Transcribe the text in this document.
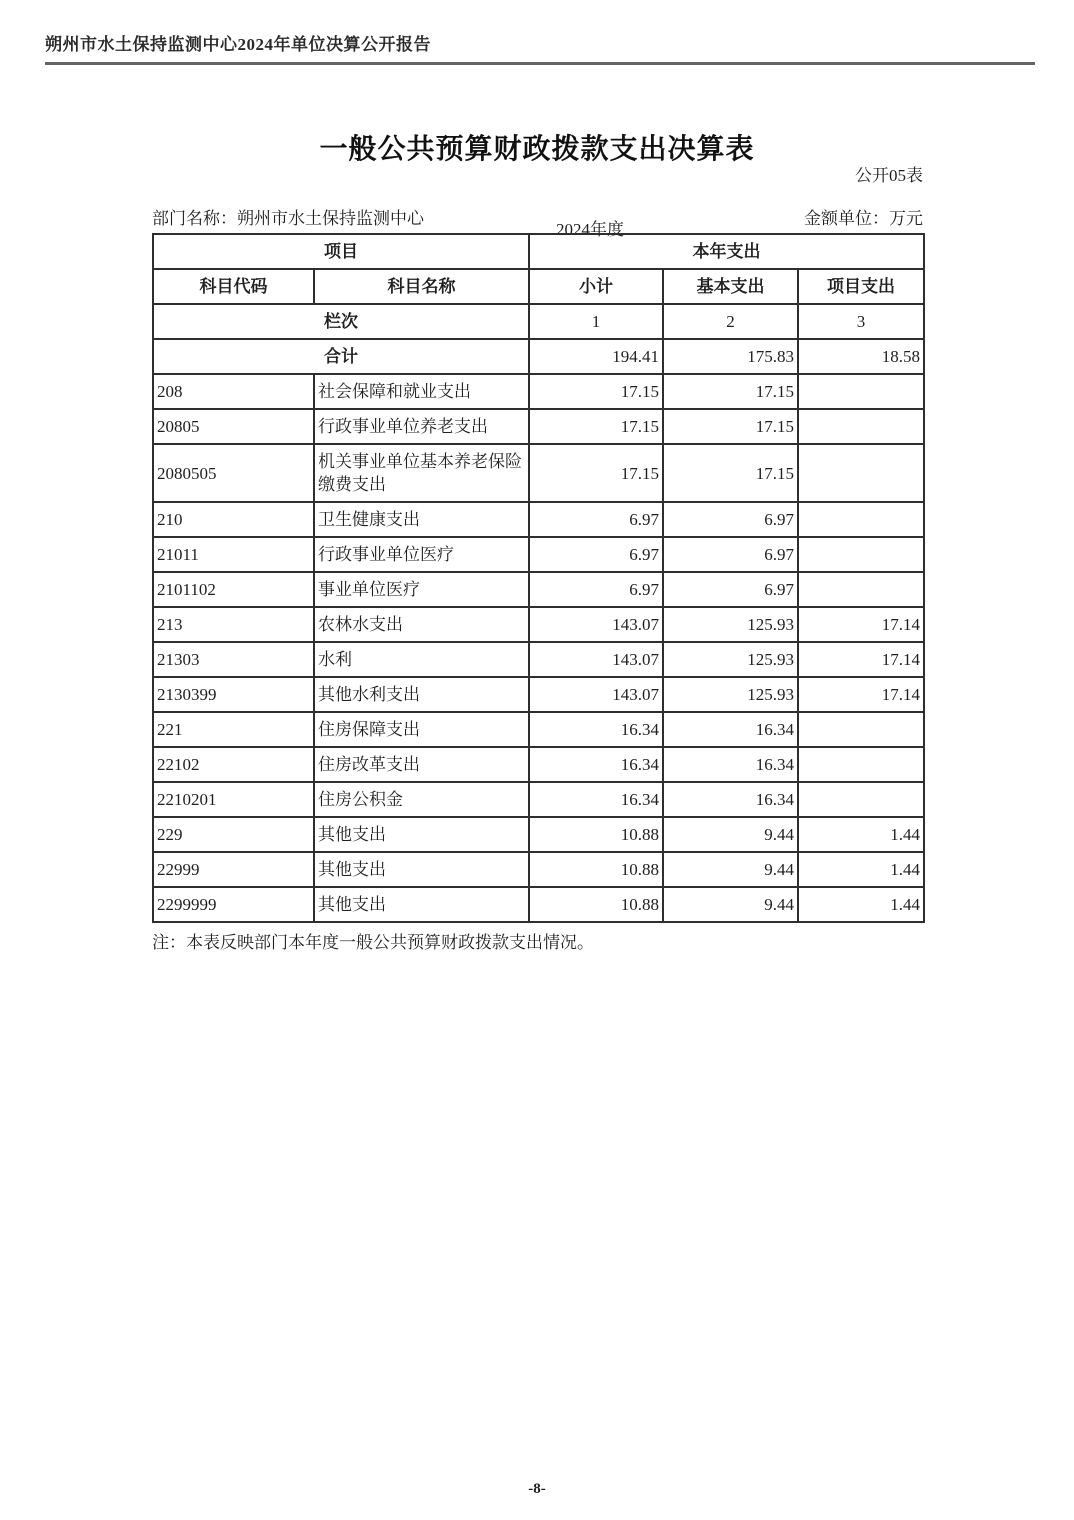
朔州市水土保持监测中心2024年单位决算公开报告
一般公共预算财政拨款支出决算表
公开05表
部门名称：朔州市水土保持监测中心
2024年度
金额单位：万元
项目		本年支出		
科目代码	科目名称	小计	基本支出	项目支出
栏次		1	2	3
合计		194.41	175.83	18.58
208	社会保障和就业支出	17.15	17.15	
20805	行政事业单位养老支出	17.15	17.15	
2080505	机关事业单位基本养老保险缴费支出	17.15	17.15	
210	卫生健康支出	6.97	6.97	
21011	行政事业单位医疗	6.97	6.97	
2101102	事业单位医疗	6.97	6.97	
213	农林水支出	143.07	125.93	17.14
21303	水利	143.07	125.93	17.14
2130399	其他水利支出	143.07	125.93	17.14
221	住房保障支出	16.34	16.34	
22102	住房改革支出	16.34	16.34	
2210201	住房公积金	16.34	16.34	
229	其他支出	10.88	9.44	1.44
22999	其他支出	10.88	9.44	1.44
2299999	其他支出	10.88	9.44	1.44
注：本表反映部门本年度一般公共预算财政拨款支出情况。
-8-
